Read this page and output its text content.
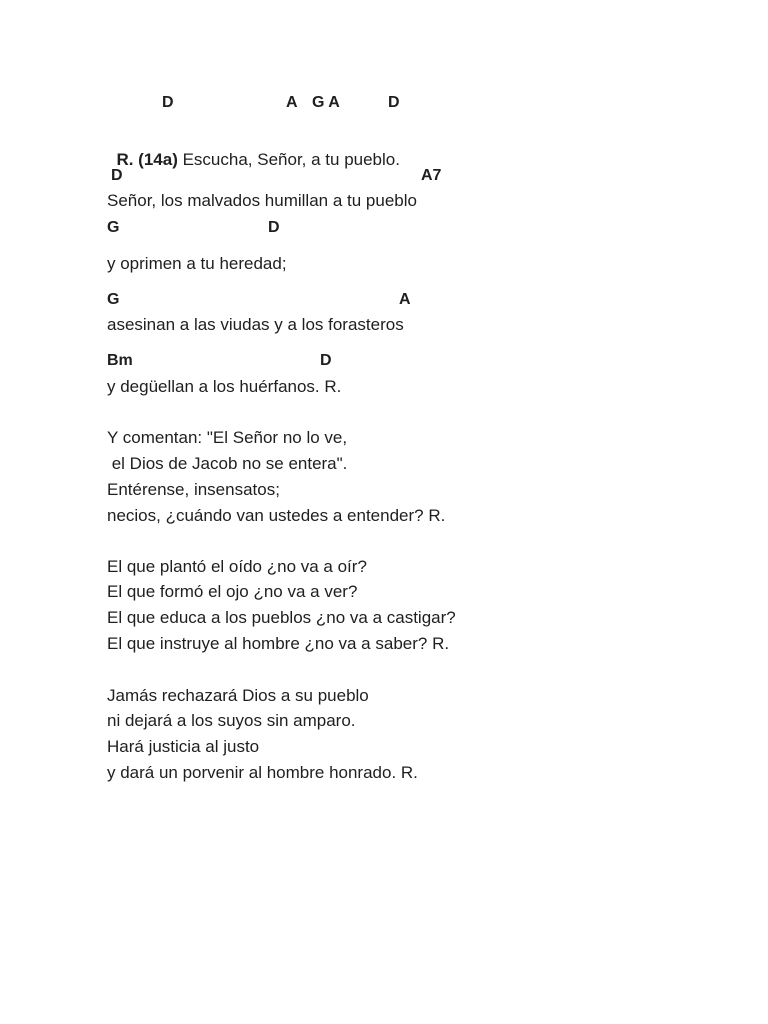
D	A G A	D

R. (14a) Escucha, Señor, a tu pueblo.

D	A7
Señor, los malvados humillan a tu pueblo
G	D
y oprimen a tu heredad;
G	A
asesinan a las viudas y a los forasteros
Bm	D
y degüellan a los huérfanos. R.
Y comentan: "El Señor no lo ve,
el Dios de Jacob no se entera".
Entérense, insensatos;
necios, ¿cuándo van ustedes a entender? R.
El que plantó el oído ¿no va a oír?
El que formó el ojo ¿no va a ver?
El que educa a los pueblos ¿no va a castigar?
El que instruye al hombre ¿no va a saber? R.
Jamás rechazará Dios a su pueblo
ni dejará a los suyos sin amparo.
Hará justicia al justo
y dará un porvenir al hombre honrado. R.
